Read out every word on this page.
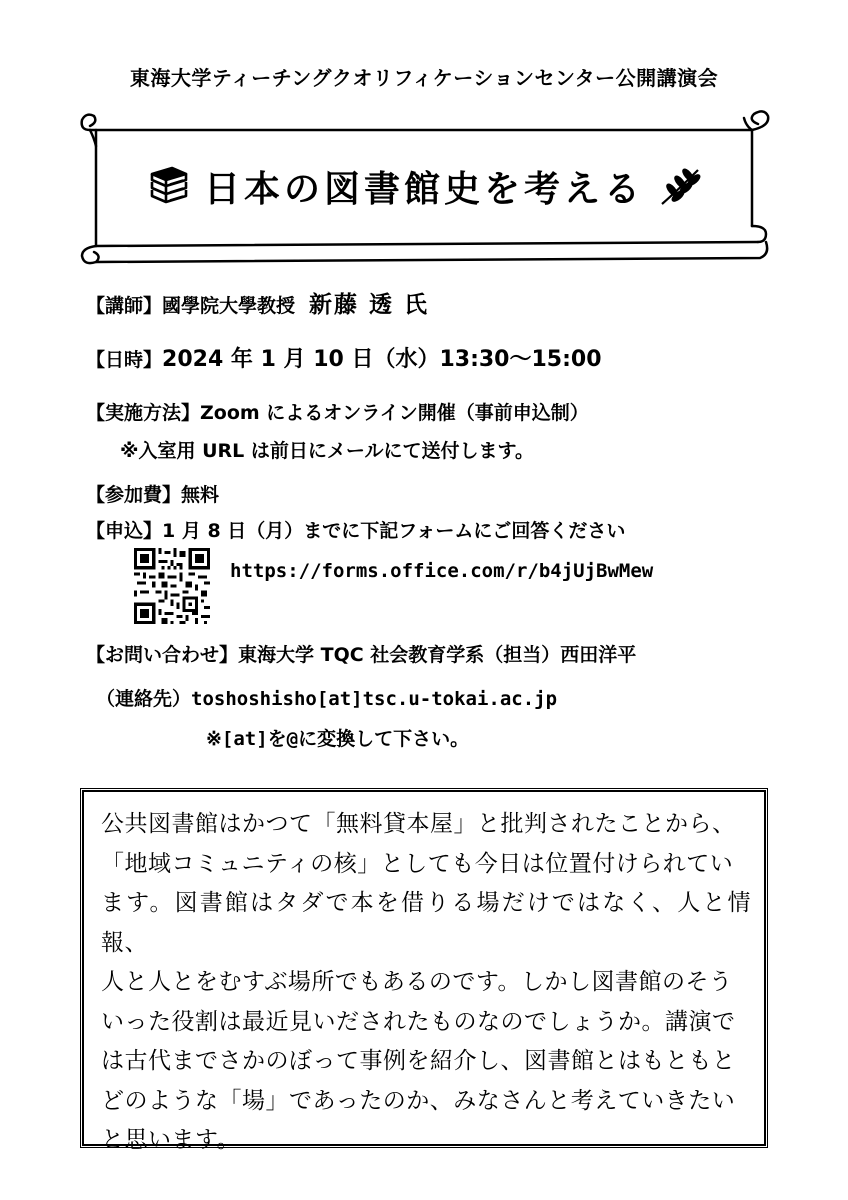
東海大学ティーチングクオリフィケーションセンター公開講演会
日本の図書館史を考える
【講師】國學院大學教授 新藤 透 氏
【日時】2024 年 1 月 10 日（水）13:30～15:00
【実施方法】Zoom によるオンライン開催（事前申込制）
※入室用 URL は前日にメールにて送付します。
【参加費】無料
【申込】1 月 8 日（月）までに下記フォームにご回答ください
https://forms.office.com/r/b4jUjBwMew
【お問い合わせ】東海大学 TQC 社会教育学系（担当）西田洋平
（連絡先）toshoshisho[at]tsc.u-tokai.ac.jp
※[at]を@に変換して下さい。
公共図書館はかつて「無料貸本屋」と批判されたことから、
「地域コミュニティの核」としても今日は位置付けられてい
ます。図書館はタダで本を借りる場だけではなく、人と情報、
人と人とをむすぶ場所でもあるのです。しかし図書館のそう
いった役割は最近見いだされたものなのでしょうか。講演で
は古代までさかのぼって事例を紹介し、図書館とはもともと
どのような「場」であったのか、みなさんと考えていきたい
と思います。
